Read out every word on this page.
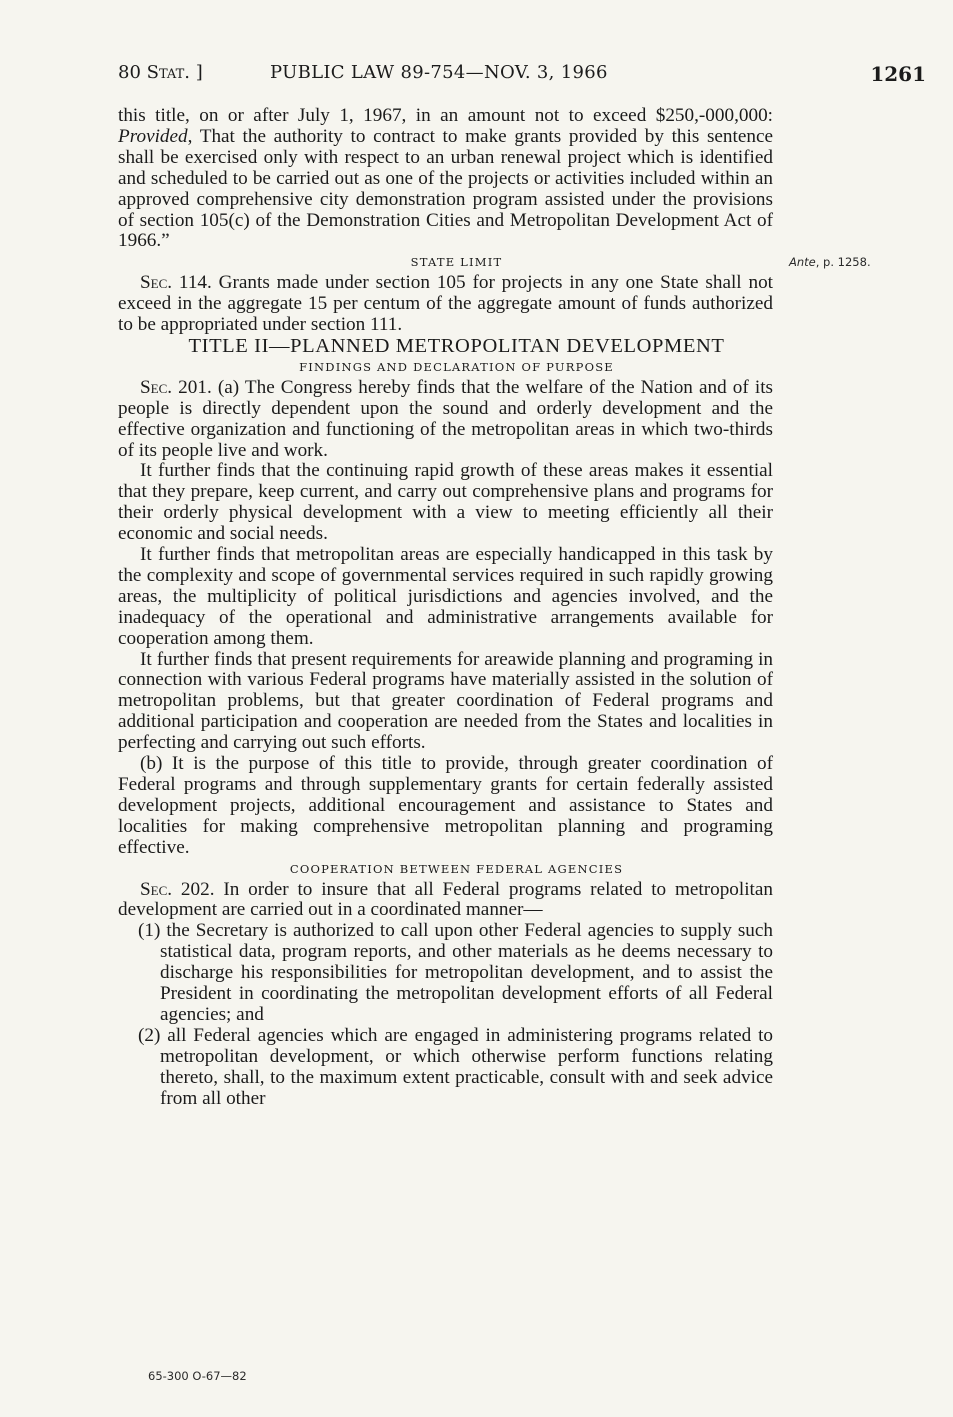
80 Stat. ]	PUBLIC LAW 89-754—NOV. 3, 1966	1261
Ante, p. 1258.

this title, on or after July 1, 1967, in an amount not to exceed $250,-000,000: Provided, That the authority to contract to make grants provided by this sentence shall be exercised only with respect to an urban renewal project which is identified and scheduled to be carried out as one of the projects or activities included within an approved comprehensive city demonstration program assisted under the provisions of section 105(c) of the Demonstration Cities and Metropolitan Development Act of 1966.”

STATE LIMIT

Sec. 114. Grants made under section 105 for projects in any one State shall not exceed in the aggregate 15 per centum of the aggregate amount of funds authorized to be appropriated under section 111.

TITLE II—PLANNED METROPOLITAN DEVELOPMENT

FINDINGS AND DECLARATION OF PURPOSE

Sec. 201. (a) The Congress hereby finds that the welfare of the Nation and of its people is directly dependent upon the sound and orderly development and the effective organization and functioning of the metropolitan areas in which two-thirds of its people live and work.

It further finds that the continuing rapid growth of these areas makes it essential that they prepare, keep current, and carry out comprehensive plans and programs for their orderly physical development with a view to meeting efficiently all their economic and social needs.

It further finds that metropolitan areas are especially handicapped in this task by the complexity and scope of governmental services required in such rapidly growing areas, the multiplicity of political jurisdictions and agencies involved, and the inadequacy of the operational and administrative arrangements available for cooperation among them.

It further finds that present requirements for areawide planning and programing in connection with various Federal programs have materially assisted in the solution of metropolitan problems, but that greater coordination of Federal programs and additional participation and cooperation are needed from the States and localities in perfecting and carrying out such efforts.

(b) It is the purpose of this title to provide, through greater coordination of Federal programs and through supplementary grants for certain federally assisted development projects, additional encouragement and assistance to States and localities for making comprehensive metropolitan planning and programing effective.

COOPERATION BETWEEN FEDERAL AGENCIES

Sec. 202. In order to insure that all Federal programs related to metropolitan development are carried out in a coordinated manner—

(1) the Secretary is authorized to call upon other Federal agencies to supply such statistical data, program reports, and other materials as he deems necessary to discharge his responsibilities for metropolitan development, and to assist the President in coordinating the metropolitan development efforts of all Federal agencies; and

(2) all Federal agencies which are engaged in administering programs related to metropolitan development, or which otherwise perform functions relating thereto, shall, to the maximum extent practicable, consult with and seek advice from all other

65-300 O-67—82
